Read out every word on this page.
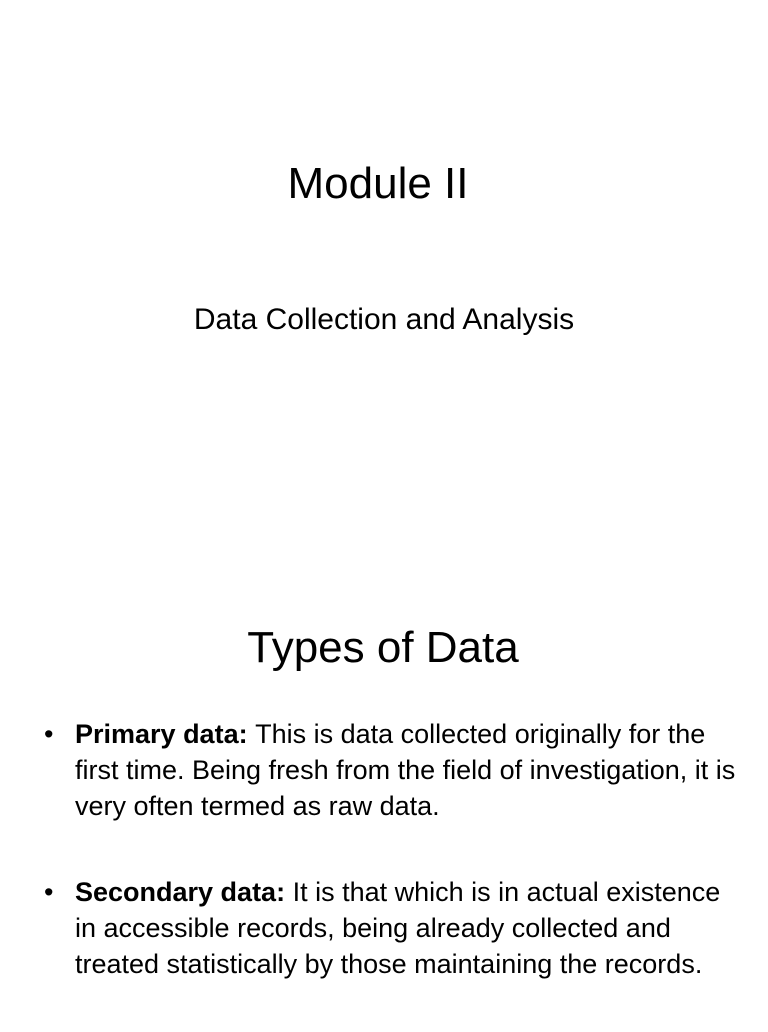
Module II
Data Collection and Analysis
Types of Data
• Primary data: This is data collected originally for the first time. Being fresh from the field of investigation, it is very often termed as raw data.
• Secondary data: It is that which is in actual existence in accessible records, being already collected and treated statistically by those maintaining the records.
